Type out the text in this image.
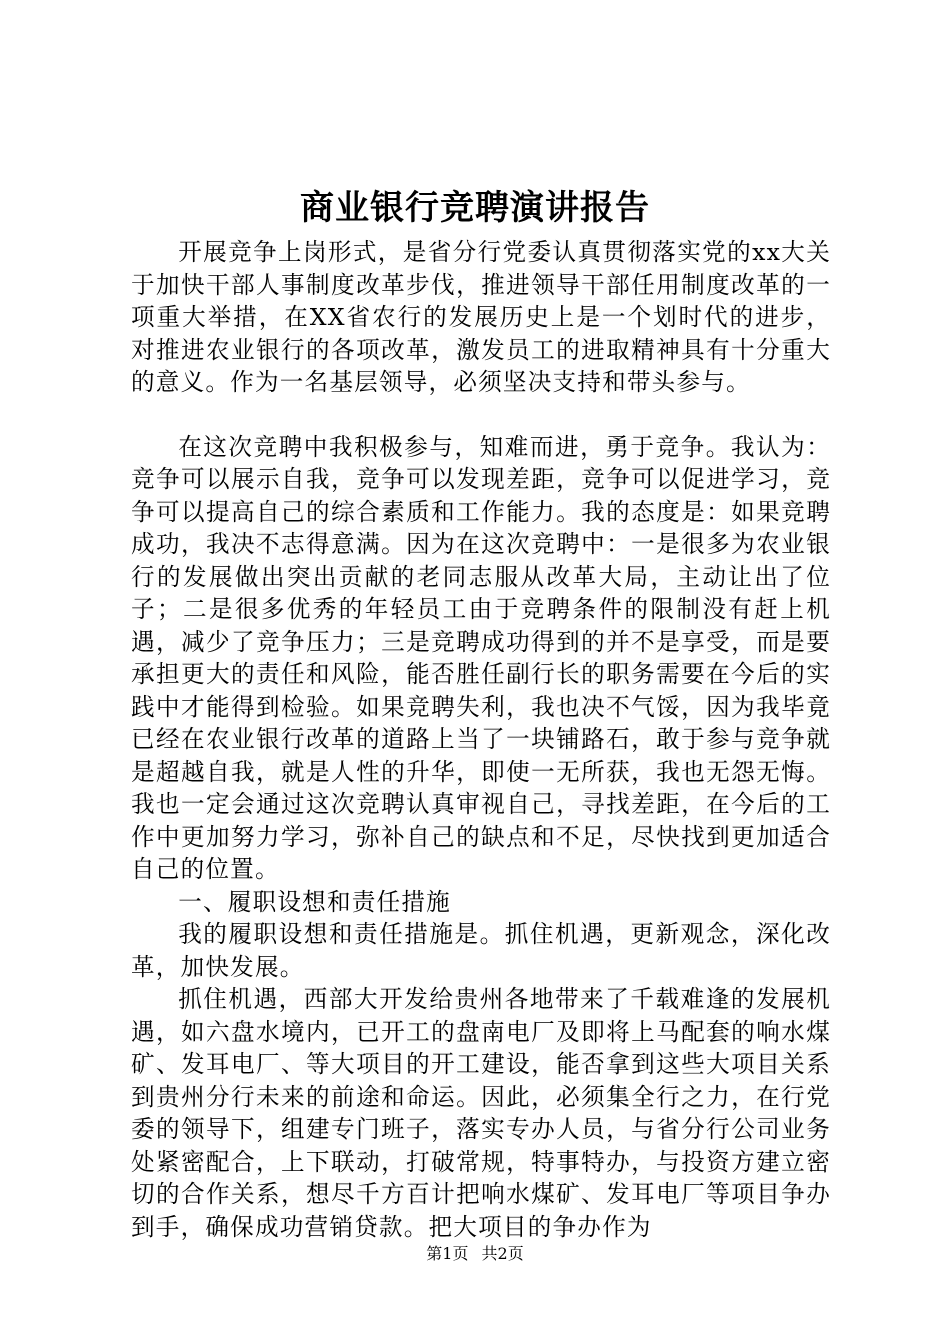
商业银行竞聘演讲报告

开展竞争上岗形式，是省分行党委认真贯彻落实党的xx大关于加快干部人事制度改革步伐，推进领导干部任用制度改革的一项重大举措，在XX省农行的发展历史上是一个划时代的进步，对推进农业银行的各项改革，激发员工的进取精神具有十分重大的意义。作为一名基层领导，必须坚决支持和带头参与。

在这次竞聘中我积极参与，知难而进，勇于竞争。我认为：竞争可以展示自我，竞争可以发现差距，竞争可以促进学习，竞争可以提高自己的综合素质和工作能力。我的态度是：如果竞聘成功，我决不志得意满。因为在这次竞聘中：一是很多为农业银行的发展做出突出贡献的老同志服从改革大局，主动让出了位子；二是很多优秀的年轻员工由于竞聘条件的限制没有赶上机遇，减少了竞争压力；三是竞聘成功得到的并不是享受，而是要承担更大的责任和风险，能否胜任副行长的职务需要在今后的实践中才能得到检验。如果竞聘失利，我也决不气馁，因为我毕竟已经在农业银行改革的道路上当了一块铺路石，敢于参与竞争就是超越自我，就是人性的升华，即使一无所获，我也无怨无悔。我也一定会通过这次竞聘认真审视自己，寻找差距，在今后的工作中更加努力学习，弥补自己的缺点和不足，尽快找到更加适合自己的位置。

一、履职设想和责任措施

我的履职设想和责任措施是。抓住机遇，更新观念，深化改革，加快发展。

抓住机遇，西部大开发给贵州各地带来了千载难逢的发展机遇，如六盘水境内，已开工的盘南电厂及即将上马配套的响水煤矿、发耳电厂、等大项目的开工建设，能否拿到这些大项目关系到贵州分行未来的前途和命运。因此，必须集全行之力，在行党委的领导下，组建专门班子，落实专办人员，与省分行公司业务处紧密配合，上下联动，打破常规，特事特办，与投资方建立密切的合作关系，想尽千方百计把响水煤矿、发耳电厂等项目争办到手，确保成功营销贷款。把大项目的争办作为

第1页 共2页
